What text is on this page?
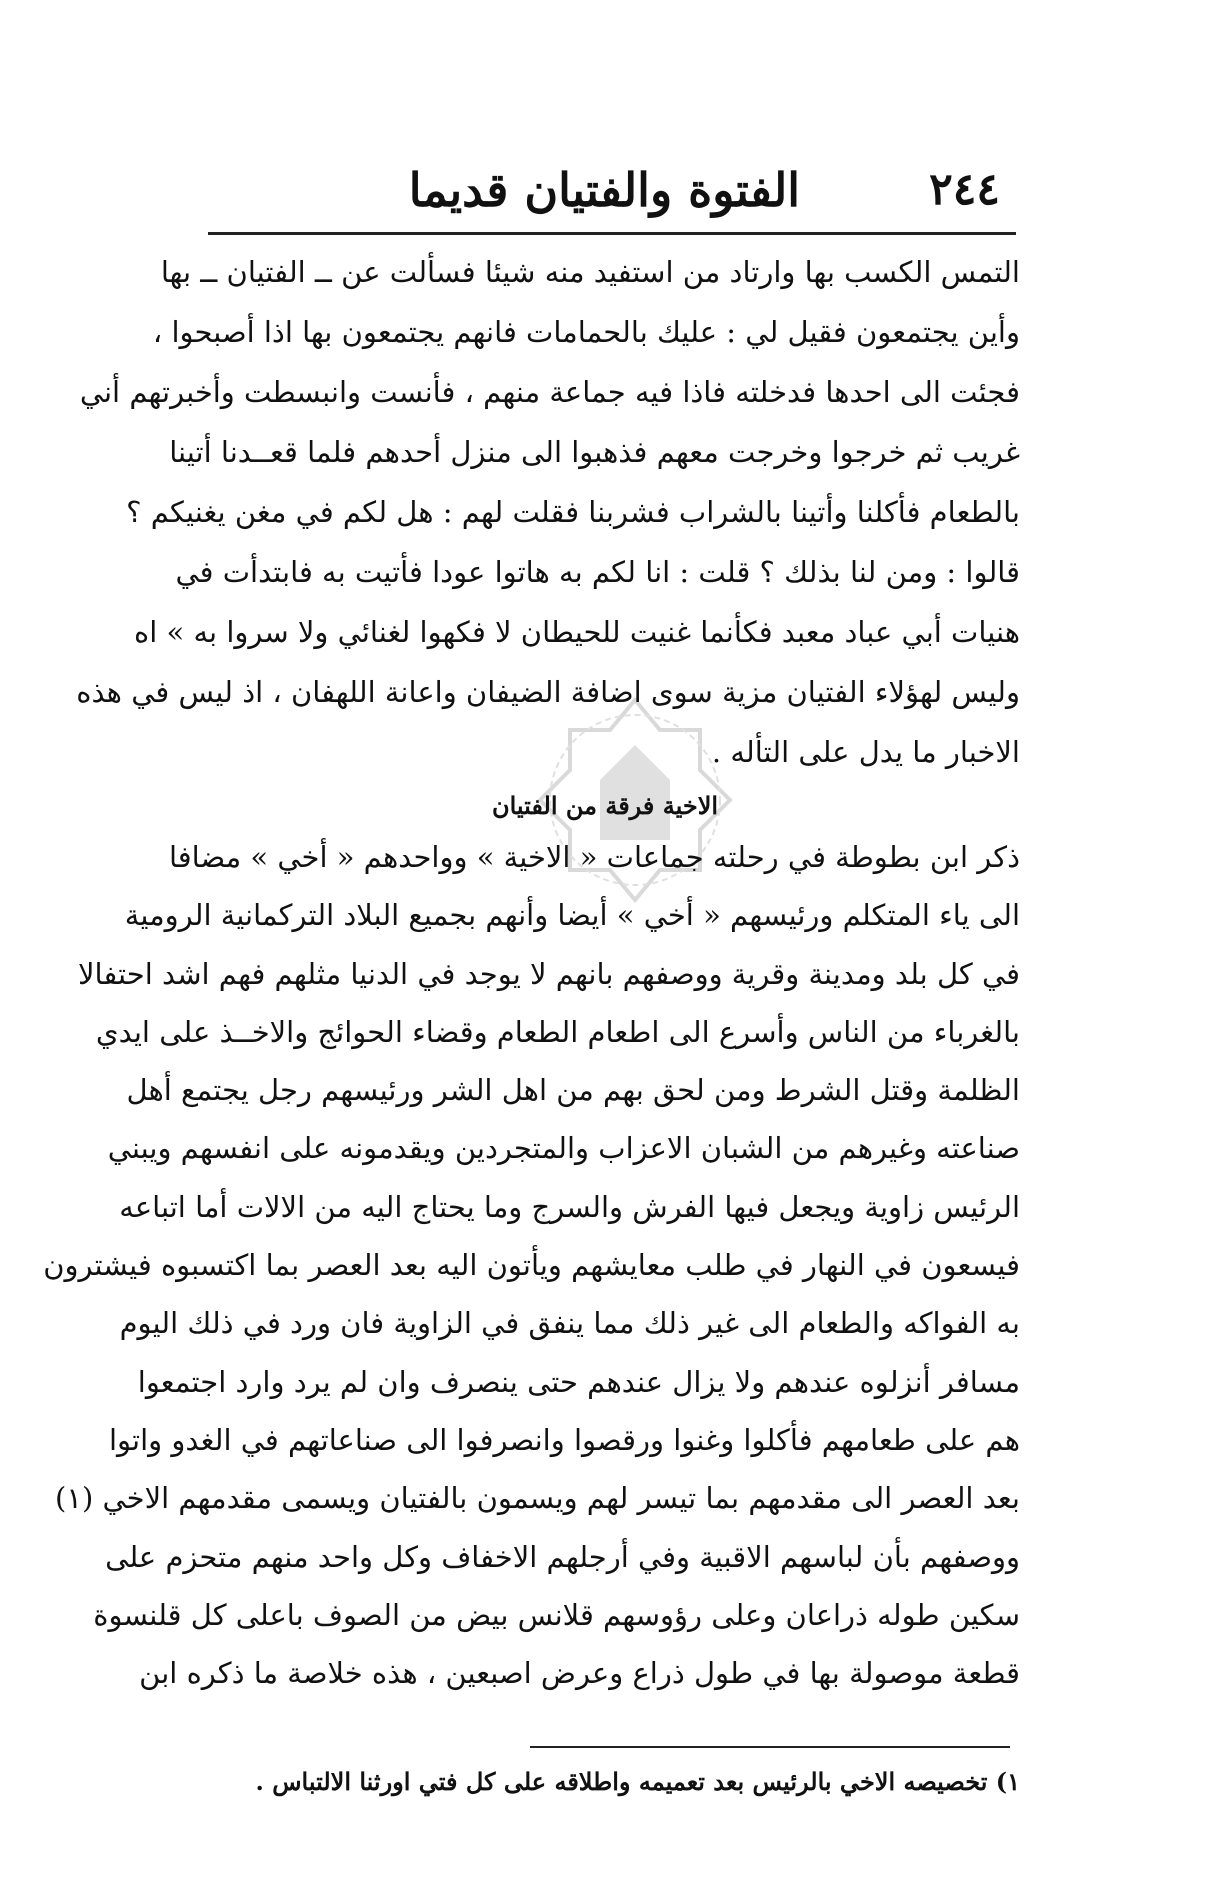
٢٤٤
الفتوة والفتيان قديما
التمس الكسب بها وارتاد من استفيد منه شيئا فسألت عن ــ الفتيان ــ بها
وأين يجتمعون فقيل لي : عليك بالحمامات فانهم يجتمعون بها اذا أصبحوا ،
فجئت الى احدها فدخلته فاذا فيه جماعة منهم ، فأنست وانبسطت وأخبرتهم أني
غريب ثم خرجوا وخرجت معهم فذهبوا الى منزل أحدهم فلما قعــدنا أتينا
بالطعام فأكلنا وأتينا بالشراب فشربنا فقلت لهم : هل لكم في مغن يغنيكم ؟
قالوا : ومن لنا بذلك ؟ قلت : انا لكم به هاتوا عودا فأتيت به فابتدأت في
هنيات أبي عباد معبد فكأنما غنيت للحيطان لا فكهوا لغنائي ولا سروا به » اه
وليس لهؤلاء الفتيان مزية سوى اضافة الضيفان واعانة اللهفان ، اذ ليس في هذه
الاخبار ما يدل على التأله .
الاخية فرقة من الفتيان
ذكر ابن بطوطة في رحلته جماعات « الاخية » وواحدهم « أخي » مضافا
الى ياء المتكلم ورئيسهم « أخي » أيضا وأنهم بجميع البلاد التركمانية الرومية
في كل بلد ومدينة وقرية ووصفهم بانهم لا يوجد في الدنيا مثلهم فهم اشد احتفالا
بالغرباء من الناس وأسرع الى اطعام الطعام وقضاء الحوائج والاخــذ على ايدي
الظلمة وقتل الشرط ومن لحق بهم من اهل الشر ورئيسهم رجل يجتمع أهل
صناعته وغيرهم من الشبان الاعزاب والمتجردين ويقدمونه على انفسهم ويبني
الرئيس زاوية ويجعل فيها الفرش والسرج وما يحتاج اليه من الالات أما اتباعه
فيسعون في النهار في طلب معايشهم ويأتون اليه بعد العصر بما اكتسبوه فيشترون
به الفواكه والطعام الى غير ذلك مما ينفق في الزاوية فان ورد في ذلك اليوم
مسافر أنزلوه عندهم ولا يزال عندهم حتى ينصرف وان لم يرد وارد اجتمعوا
هم على طعامهم فأكلوا وغنوا ورقصوا وانصرفوا الى صناعاتهم في الغدو واتوا
بعد العصر الى مقدمهم بما تيسر لهم ويسمون بالفتيان ويسمى مقدمهم الاخي (١)
ووصفهم بأن لباسهم الاقبية وفي أرجلهم الاخفاف وكل واحد منهم متحزم على
سكين طوله ذراعان وعلى رؤوسهم قلانس بيض من الصوف باعلى كل قلنسوة
قطعة موصولة بها في طول ذراع وعرض اصبعين ، هذه خلاصة ما ذكره ابن
١) تخصيصه الاخي بالرئيس بعد تعميمه واطلاقه على كل فتي اورثنا الالتباس .
